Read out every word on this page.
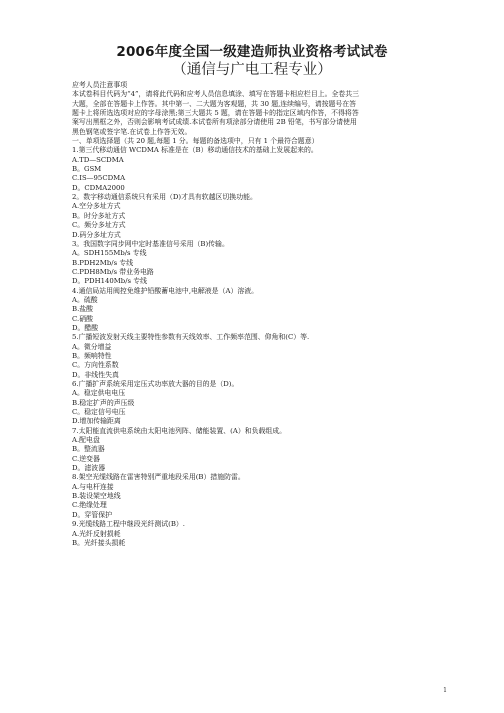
2006年度全国一级建造师执业资格考试试卷
（通信与广电工程专业）
应考人员注意事项
本试卷科目代码为“4”，请将此代码和应考人员信息填涂、填写在答题卡相应栏目上。全卷共三
大题，全部在答题卡上作答。其中第一、二大题为客观题，共 30 题,连续编号，请按题号在答
题卡上将所选选项对应的字母涂黑;第三大题共 5 题，请在答题卡的指定区域内作答，不得将答
案写出黑框之外，否则会影响考试成绩.本试卷所有项涂部分请使用 2B 铅笔，书写部分请使用
黑色钢笔或签字笔.在试卷上作答无效。
一、单项选择题（共 20 题,每题 1 分。每题的备选项中，只有 1 个最符合题意）
1.第三代移动通信 WCDMA 标准是在（B）移动通信技术的基础上发展起来的。
A.TD—SCDMA
B。GSM
C.IS—95CDMA
D。CDMA2000
2。数字移动通信系统只有采用（D)才具有软越区切换功能。
A.空分多址方式
B。时分多址方式
C。频分多址方式
D.码分多址方式
3。我国数字同步网中定时基准信号采用（B)传输。
A。SDH155Mb/s 专线
B.PDH2Mb/s 专线
C.PDH8Mb/s 带业务电路
D。PDH140Mb/s 专线
4.通信局站用阀控免维护铅酸蓄电池中,电解液是（A）溶液。
A。硫酸
B.盐酸
C.硝酸
D。醋酸
5.广播短波发射天线主要特性参数有天线效率、工作频率范围、仰角和(C）等.
A。微分增益
B。频响特性
C。方向性系数
D。非线性失真
6.广播扩声系统采用定压式功率放大器的目的是（D)。
A。稳定供电电压
B.稳定扩声的声压级
C。稳定信号电压
D.增加传输距离
7.太阳能直流供电系统由太阳电池列阵、储能装置、(A）和负载组成。
A.配电盘
B。整流器
C.逆变器
D。滤波器
8.架空光缆线路在雷害特别严重地段采用(B）措施防雷。
A.与电杆连接
B.装设架空地线
C.绝缘处理
D。穿管保护
9.光缆线路工程中继段光纤测试(B）.
A.光纤反射损耗
B。光纤接头损耗
1
